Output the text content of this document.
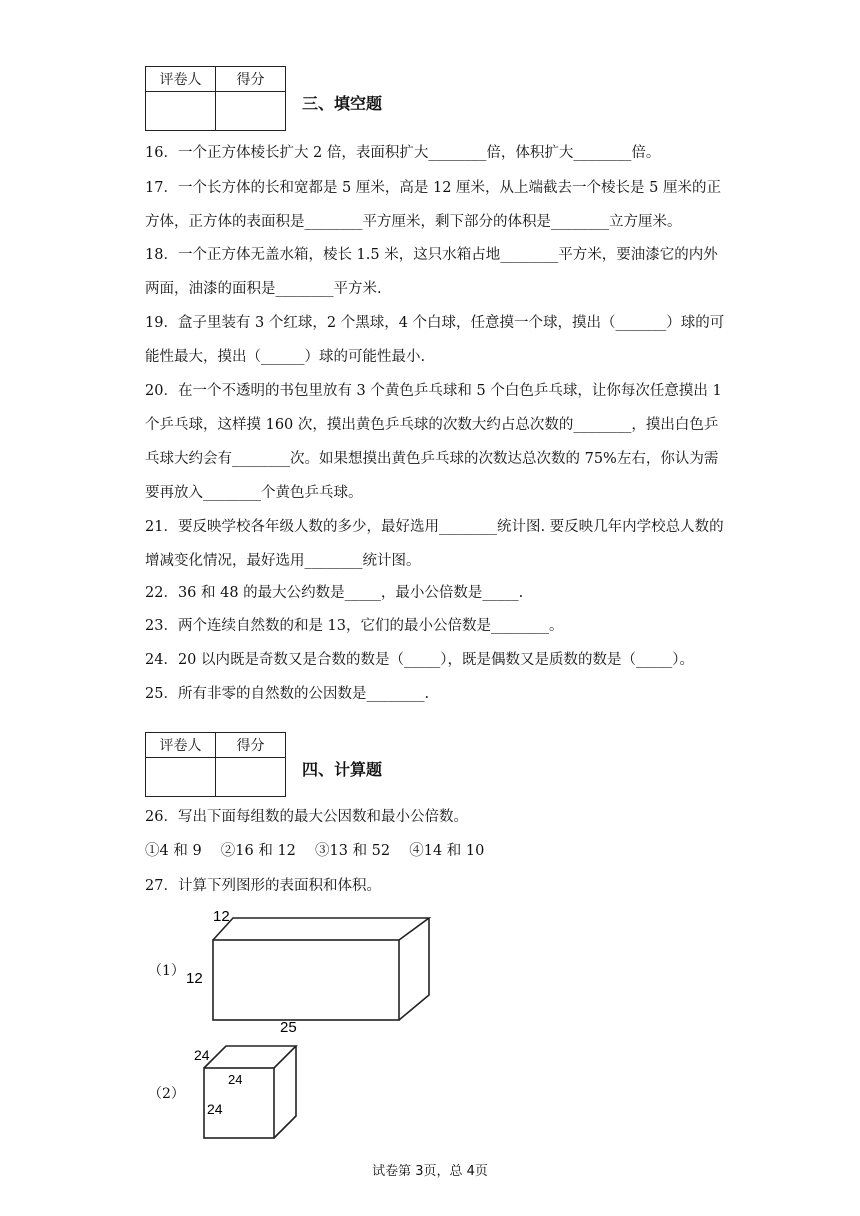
评卷人	得分

三、填空题
16．一个正方体棱长扩大 2 倍，表面积扩大________倍，体积扩大________倍。
17．一个长方体的长和宽都是 5 厘米，高是 12 厘米，从上端截去一个棱长是 5 厘米的正方体，正方体的表面积是________平方厘米，剩下部分的体积是________立方厘米。
18．一个正方体无盖水箱，棱长 1.5 米，这只水箱占地________平方米，要油漆它的内外两面，油漆的面积是________平方米.
19．盒子里装有 3 个红球，2 个黑球，4 个白球，任意摸一个球，摸出（_______）球的可能性最大，摸出（______）球的可能性最小.
20．在一个不透明的书包里放有 3 个黄色乒乓球和 5 个白色乒乓球，让你每次任意摸出 1 个乒乓球，这样摸 160 次，摸出黄色乒乓球的次数大约占总次数的________，摸出白色乒乓球大约会有________次。如果想摸出黄色乒乓球的次数达总次数的 75%左右，你认为需要再放入________个黄色乒乓球。
21．要反映学校各年级人数的多少，最好选用________统计图. 要反映几年内学校总人数的增减变化情况，最好选用________统计图。
22．36 和 48 的最大公约数是_____，最小公倍数是_____.
23．两个连续自然数的和是 13，它们的最小公倍数是________。
24．20 以内既是奇数又是合数的数是（_____），既是偶数又是质数的数是（_____）。
25．所有非零的自然数的公因数是________.
评卷人	得分

四、计算题
26．写出下面每组数的最大公因数和最小公倍数。
①4 和 9　 ②16 和 12　 ③13 和 52　 ④14 和 10
27．计算下列图形的表面积和体积。
（1）
12
12
25
（2）
24
24
24
试卷第 3页，总 4页
